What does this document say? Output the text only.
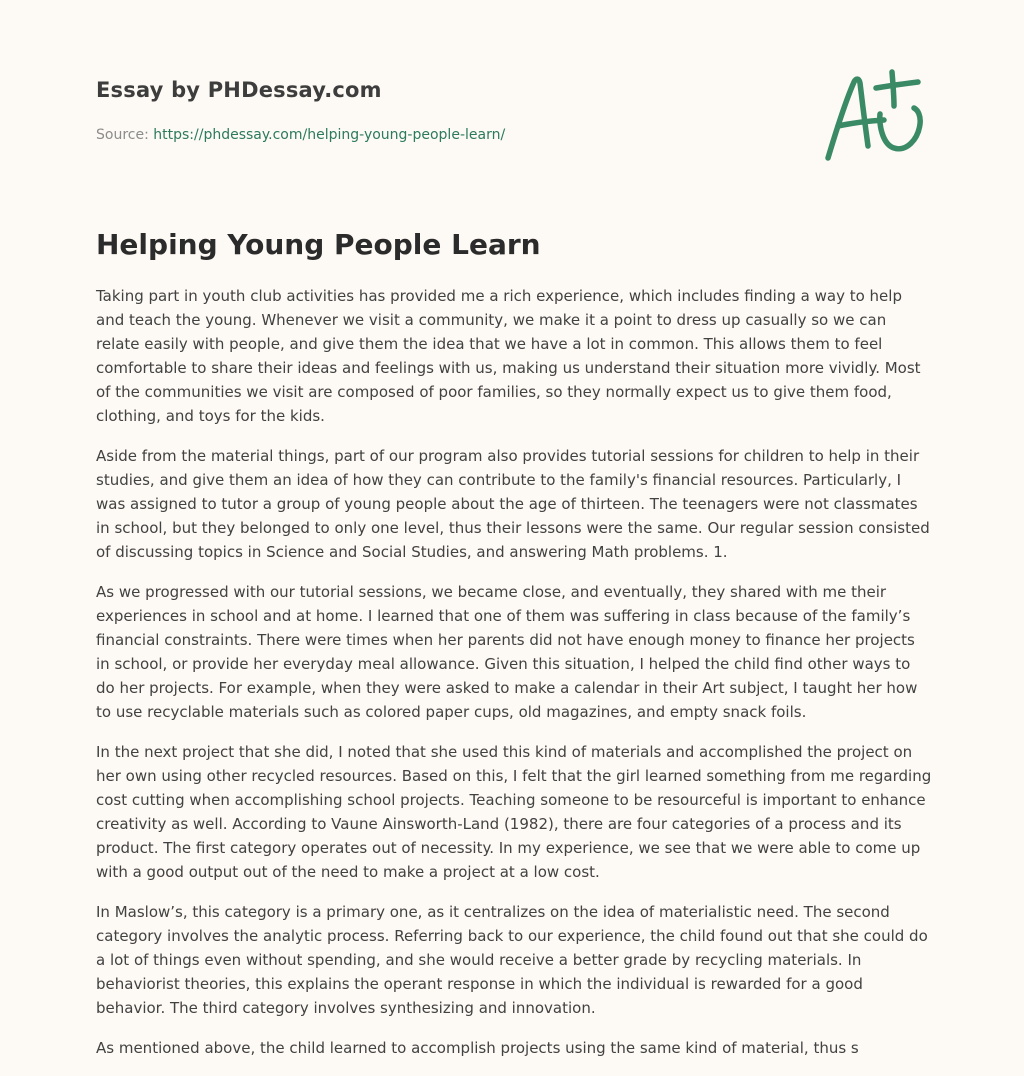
Essay by PHDessay.com
Source: https://phdessay.com/helping-young-people-learn/
Helping Young People Learn

Taking part in youth club activities has provided me a rich experience, which includes finding a way to help and teach the young. Whenever we visit a community, we make it a point to dress up casually so we can relate easily with people, and give them the idea that we have a lot in common. This allows them to feel comfortable to share their ideas and feelings with us, making us understand their situation more vividly. Most of the communities we visit are composed of poor families, so they normally expect us to give them food, clothing, and toys for the kids.

Aside from the material things, part of our program also provides tutorial sessions for children to help in their studies, and give them an idea of how they can contribute to the family's financial resources. Particularly, I was assigned to tutor a group of young people about the age of thirteen. The teenagers were not classmates in school, but they belonged to only one level, thus their lessons were the same. Our regular session consisted of discussing topics in Science and Social Studies, and answering Math problems. 1.

As we progressed with our tutorial sessions, we became close, and eventually, they shared with me their experiences in school and at home. I learned that one of them was suffering in class because of the family’s financial constraints. There were times when her parents did not have enough money to finance her projects in school, or provide her everyday meal allowance. Given this situation, I helped the child find other ways to do her projects. For example, when they were asked to make a calendar in their Art subject, I taught her how to use recyclable materials such as colored paper cups, old magazines, and empty snack foils.

In the next project that she did, I noted that she used this kind of materials and accomplished the project on her own using other recycled resources. Based on this, I felt that the girl learned something from me regarding cost cutting when accomplishing school projects. Teaching someone to be resourceful is important to enhance creativity as well. According to Vaune Ainsworth-Land (1982), there are four categories of a process and its product. The first category operates out of necessity. In my experience, we see that we were able to come up with a good output out of the need to make a project at a low cost.

In Maslow’s, this category is a primary one, as it centralizes on the idea of materialistic need. The second category involves the analytic process. Referring back to our experience, the child found out that she could do a lot of things even without spending, and she would receive a better grade by recycling materials. In behaviorist theories, this explains the operant response in which the individual is rewarded for a good behavior. The third category involves synthesizing and innovation.

As mentioned above, the child learned to accomplish projects using the same kind of material, thus s
